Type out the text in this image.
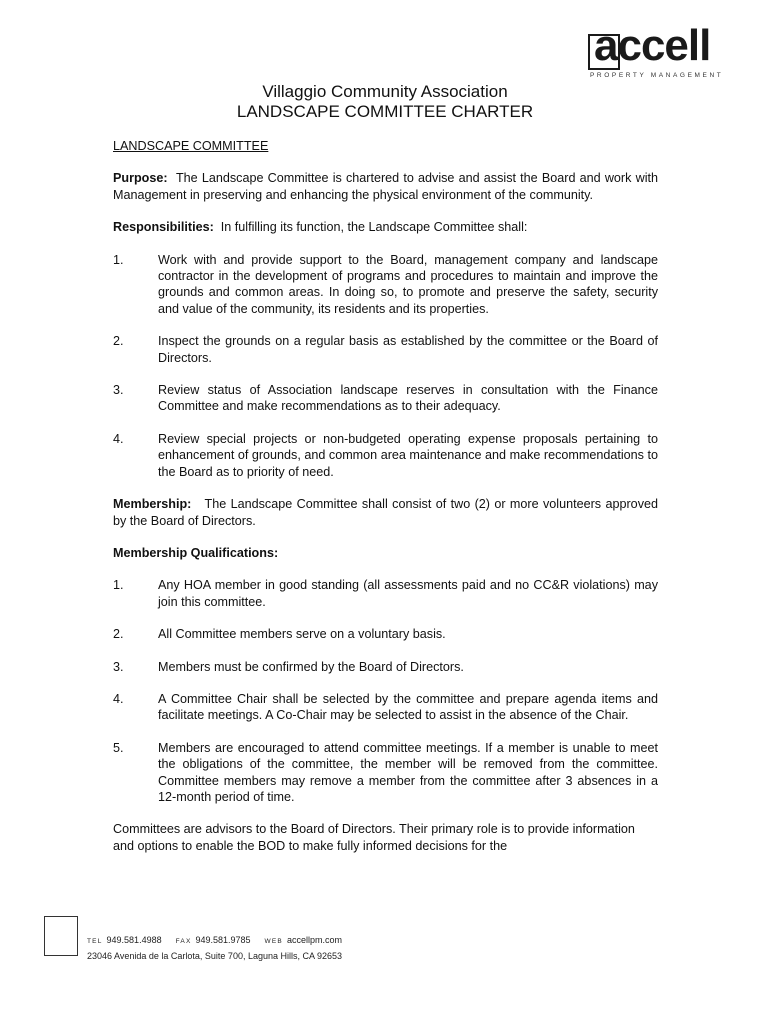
accell
PROPERTY MANAGEMENT
Villaggio Community Association
LANDSCAPE COMMITTEE CHARTER

LANDSCAPE COMMITTEE

Purpose: The Landscape Committee is chartered to advise and assist the Board and work with Management in preserving and enhancing the physical environment of the community.

Responsibilities: In fulfilling its function, the Landscape Committee shall:

1.	Work with and provide support to the Board, management company and landscape contractor in the development of programs and procedures to maintain and improve the grounds and common areas. In doing so, to promote and preserve the safety, security and value of the community, its residents and its properties.
2.	Inspect the grounds on a regular basis as established by the committee or the Board of Directors.
3.	Review status of Association landscape reserves in consultation with the Finance Committee and make recommendations as to their adequacy.
4.	Review special projects or non-budgeted operating expense proposals pertaining to enhancement of grounds, and common area maintenance and make recommendations to the Board as to priority of need.

Membership: The Landscape Committee shall consist of two (2) or more volunteers approved by the Board of Directors.

Membership Qualifications:

1.	Any HOA member in good standing (all assessments paid and no CC&R violations) may join this committee.
2.	All Committee members serve on a voluntary basis.
3.	Members must be confirmed by the Board of Directors.
4.	A Committee Chair shall be selected by the committee and prepare agenda items and facilitate meetings. A Co-Chair may be selected to assist in the absence of the Chair.
5.	Members are encouraged to attend committee meetings. If a member is unable to meet the obligations of the committee, the member will be removed from the committee. Committee members may remove a member from the committee after 3 absences in a 12-month period of time.

Committees are advisors to the Board of Directors. Their primary role is to provide information and options to enable the BOD to make fully informed decisions for the

TEL 949.581.4988 FAX 949.581.9785 WEB accellpm.com
23046 Avenida de la Carlota, Suite 700, Laguna Hills, CA 92653
